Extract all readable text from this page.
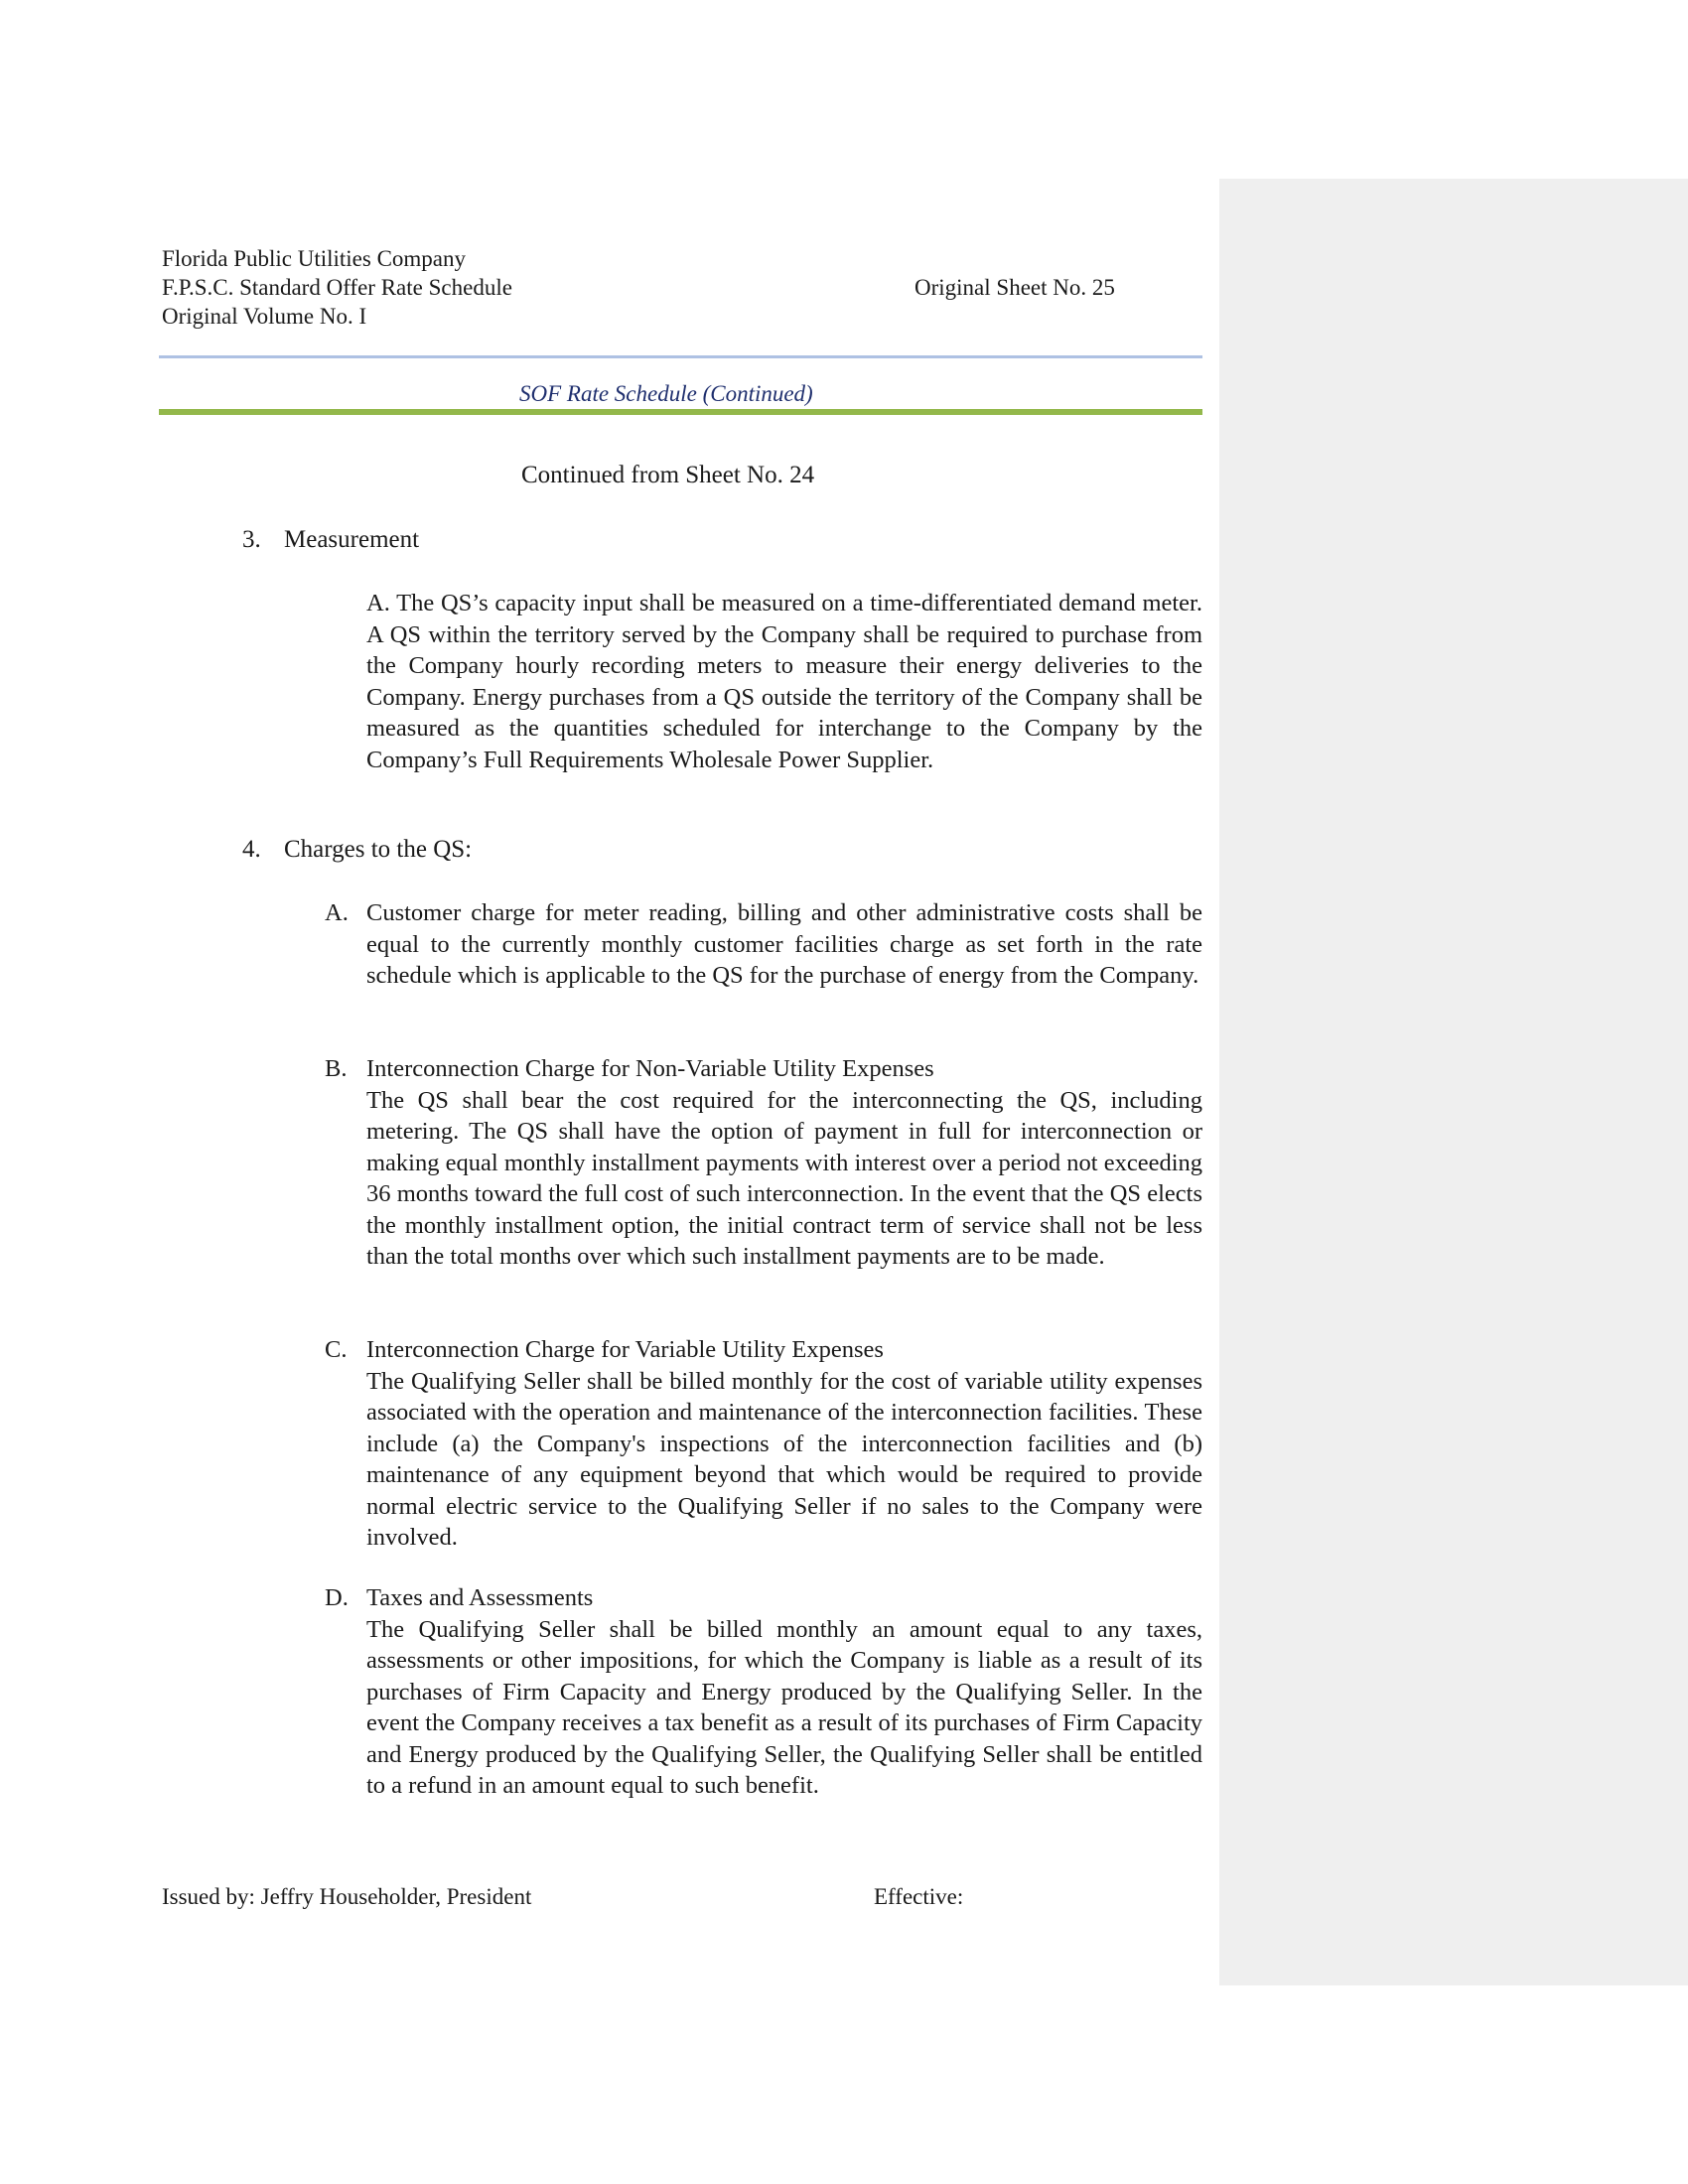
Florida Public Utilities Company
F.P.S.C. Standard Offer Rate Schedule
Original Volume No. I
Original Sheet No. 25
SOF Rate Schedule (Continued)
Continued from Sheet No. 24
3. Measurement
A. The QS’s capacity input shall be measured on a time-differentiated demand meter. A QS within the territory served by the Company shall be required to purchase from the Company hourly recording meters to measure their energy deliveries to the Company. Energy purchases from a QS outside the territory of the Company shall be measured as the quantities scheduled for interchange to the Company by the Company’s Full Requirements Wholesale Power Supplier.
4. Charges to the QS:
A. Customer charge for meter reading, billing and other administrative costs shall be equal to the currently monthly customer facilities charge as set forth in the rate schedule which is applicable to the QS for the purchase of energy from the Company.
B. Interconnection Charge for Non-Variable Utility Expenses
The QS shall bear the cost required for the interconnecting the QS, including metering. The QS shall have the option of payment in full for interconnection or making equal monthly installment payments with interest over a period not exceeding 36 months toward the full cost of such interconnection. In the event that the QS elects the monthly installment option, the initial contract term of service shall not be less than the total months over which such installment payments are to be made.
C. Interconnection Charge for Variable Utility Expenses
The Qualifying Seller shall be billed monthly for the cost of variable utility expenses associated with the operation and maintenance of the interconnection facilities. These include (a) the Company's inspections of the interconnection facilities and (b) maintenance of any equipment beyond that which would be required to provide normal electric service to the Qualifying Seller if no sales to the Company were involved.
D. Taxes and Assessments
The Qualifying Seller shall be billed monthly an amount equal to any taxes, assessments or other impositions, for which the Company is liable as a result of its purchases of Firm Capacity and Energy produced by the Qualifying Seller. In the event the Company receives a tax benefit as a result of its purchases of Firm Capacity and Energy produced by the Qualifying Seller, the Qualifying Seller shall be entitled to a refund in an amount equal to such benefit.
Issued by: Jeffry Householder, President	Effective:
